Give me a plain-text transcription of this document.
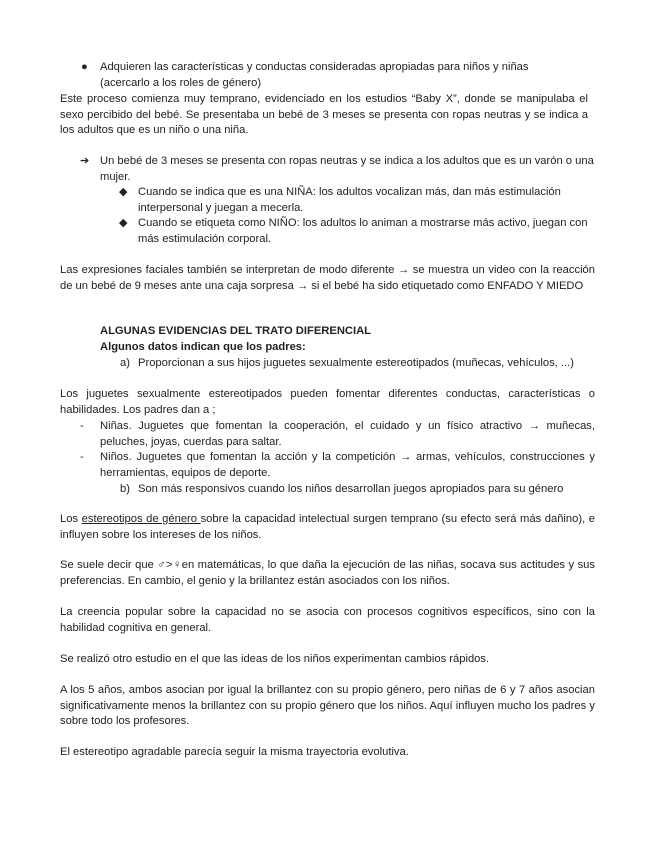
● Adquieren las características y conductas consideradas apropiadas para niños y niñas (acercarlo a los roles de género)
Este proceso comienza muy temprano, evidenciado en los estudios “Baby X”, donde se manipulaba el sexo percibido del bebé. Se presentaba un bebé de 3 meses se presenta con ropas neutras y se indica a los adultos que es un niño o una niña.
➔ Un bebé de 3 meses se presenta con ropas neutras y se indica a los adultos que es un varón o una mujer.
◆ Cuando se indica que es una NIÑA: los adultos vocalizan más, dan más estimulación interpersonal y juegan a mecerla.
◆ Cuando se etiqueta como NIÑO: los adultos lo animan a mostrarse más activo, juegan con más estimulación corporal.
Las expresiones faciales también se interpretan de modo diferente → se muestra un video con la reacción de un bebé de 9 meses ante una caja sorpresa → si el bebé ha sido etiquetado como ENFADO Y MIEDO
ALGUNAS EVIDENCIAS DEL TRATO DIFERENCIAL
Algunos datos indican que los padres:
a) Proporcionan a sus hijos juguetes sexualmente estereotipados (muñecas, vehículos, ...)
Los juguetes sexualmente estereotipados pueden fomentar diferentes conductas, características o habilidades. Los padres dan a ;
- Niñas. Juguetes que fomentan la cooperación, el cuidado y un físico atractivo → muñecas, peluches, joyas, cuerdas para saltar.
- Niños. Juguetes que fomentan la acción y la competición → armas, vehículos, construcciones y herramientas, equipos de deporte.
b) Son más responsivos cuando los niños desarrollan juegos apropiados para su género
Los estereotipos de género sobre la capacidad intelectual surgen temprano (su efecto será más dañino), e influyen sobre los intereses de los niños.
Se suele decir que ♂>♀en matemáticas, lo que daña la ejecución de las niñas, socava sus actitudes y sus preferencias. En cambio, el genio y la brillantez están asociados con los niños.
La creencia popular sobre la capacidad no se asocia con procesos cognitivos específicos, sino con la habilidad cognitiva en general.
Se realizó otro estudio en el que las ideas de los niños experimentan cambios rápidos.
A los 5 años, ambos asocian por igual la brillantez con su propio género, pero niñas de 6 y 7 años asocian significativamente menos la brillantez con su propio género que los niños. Aquí influyen mucho los padres y sobre todo los profesores.
El estereotipo agradable parecía seguir la misma trayectoria evolutiva.
